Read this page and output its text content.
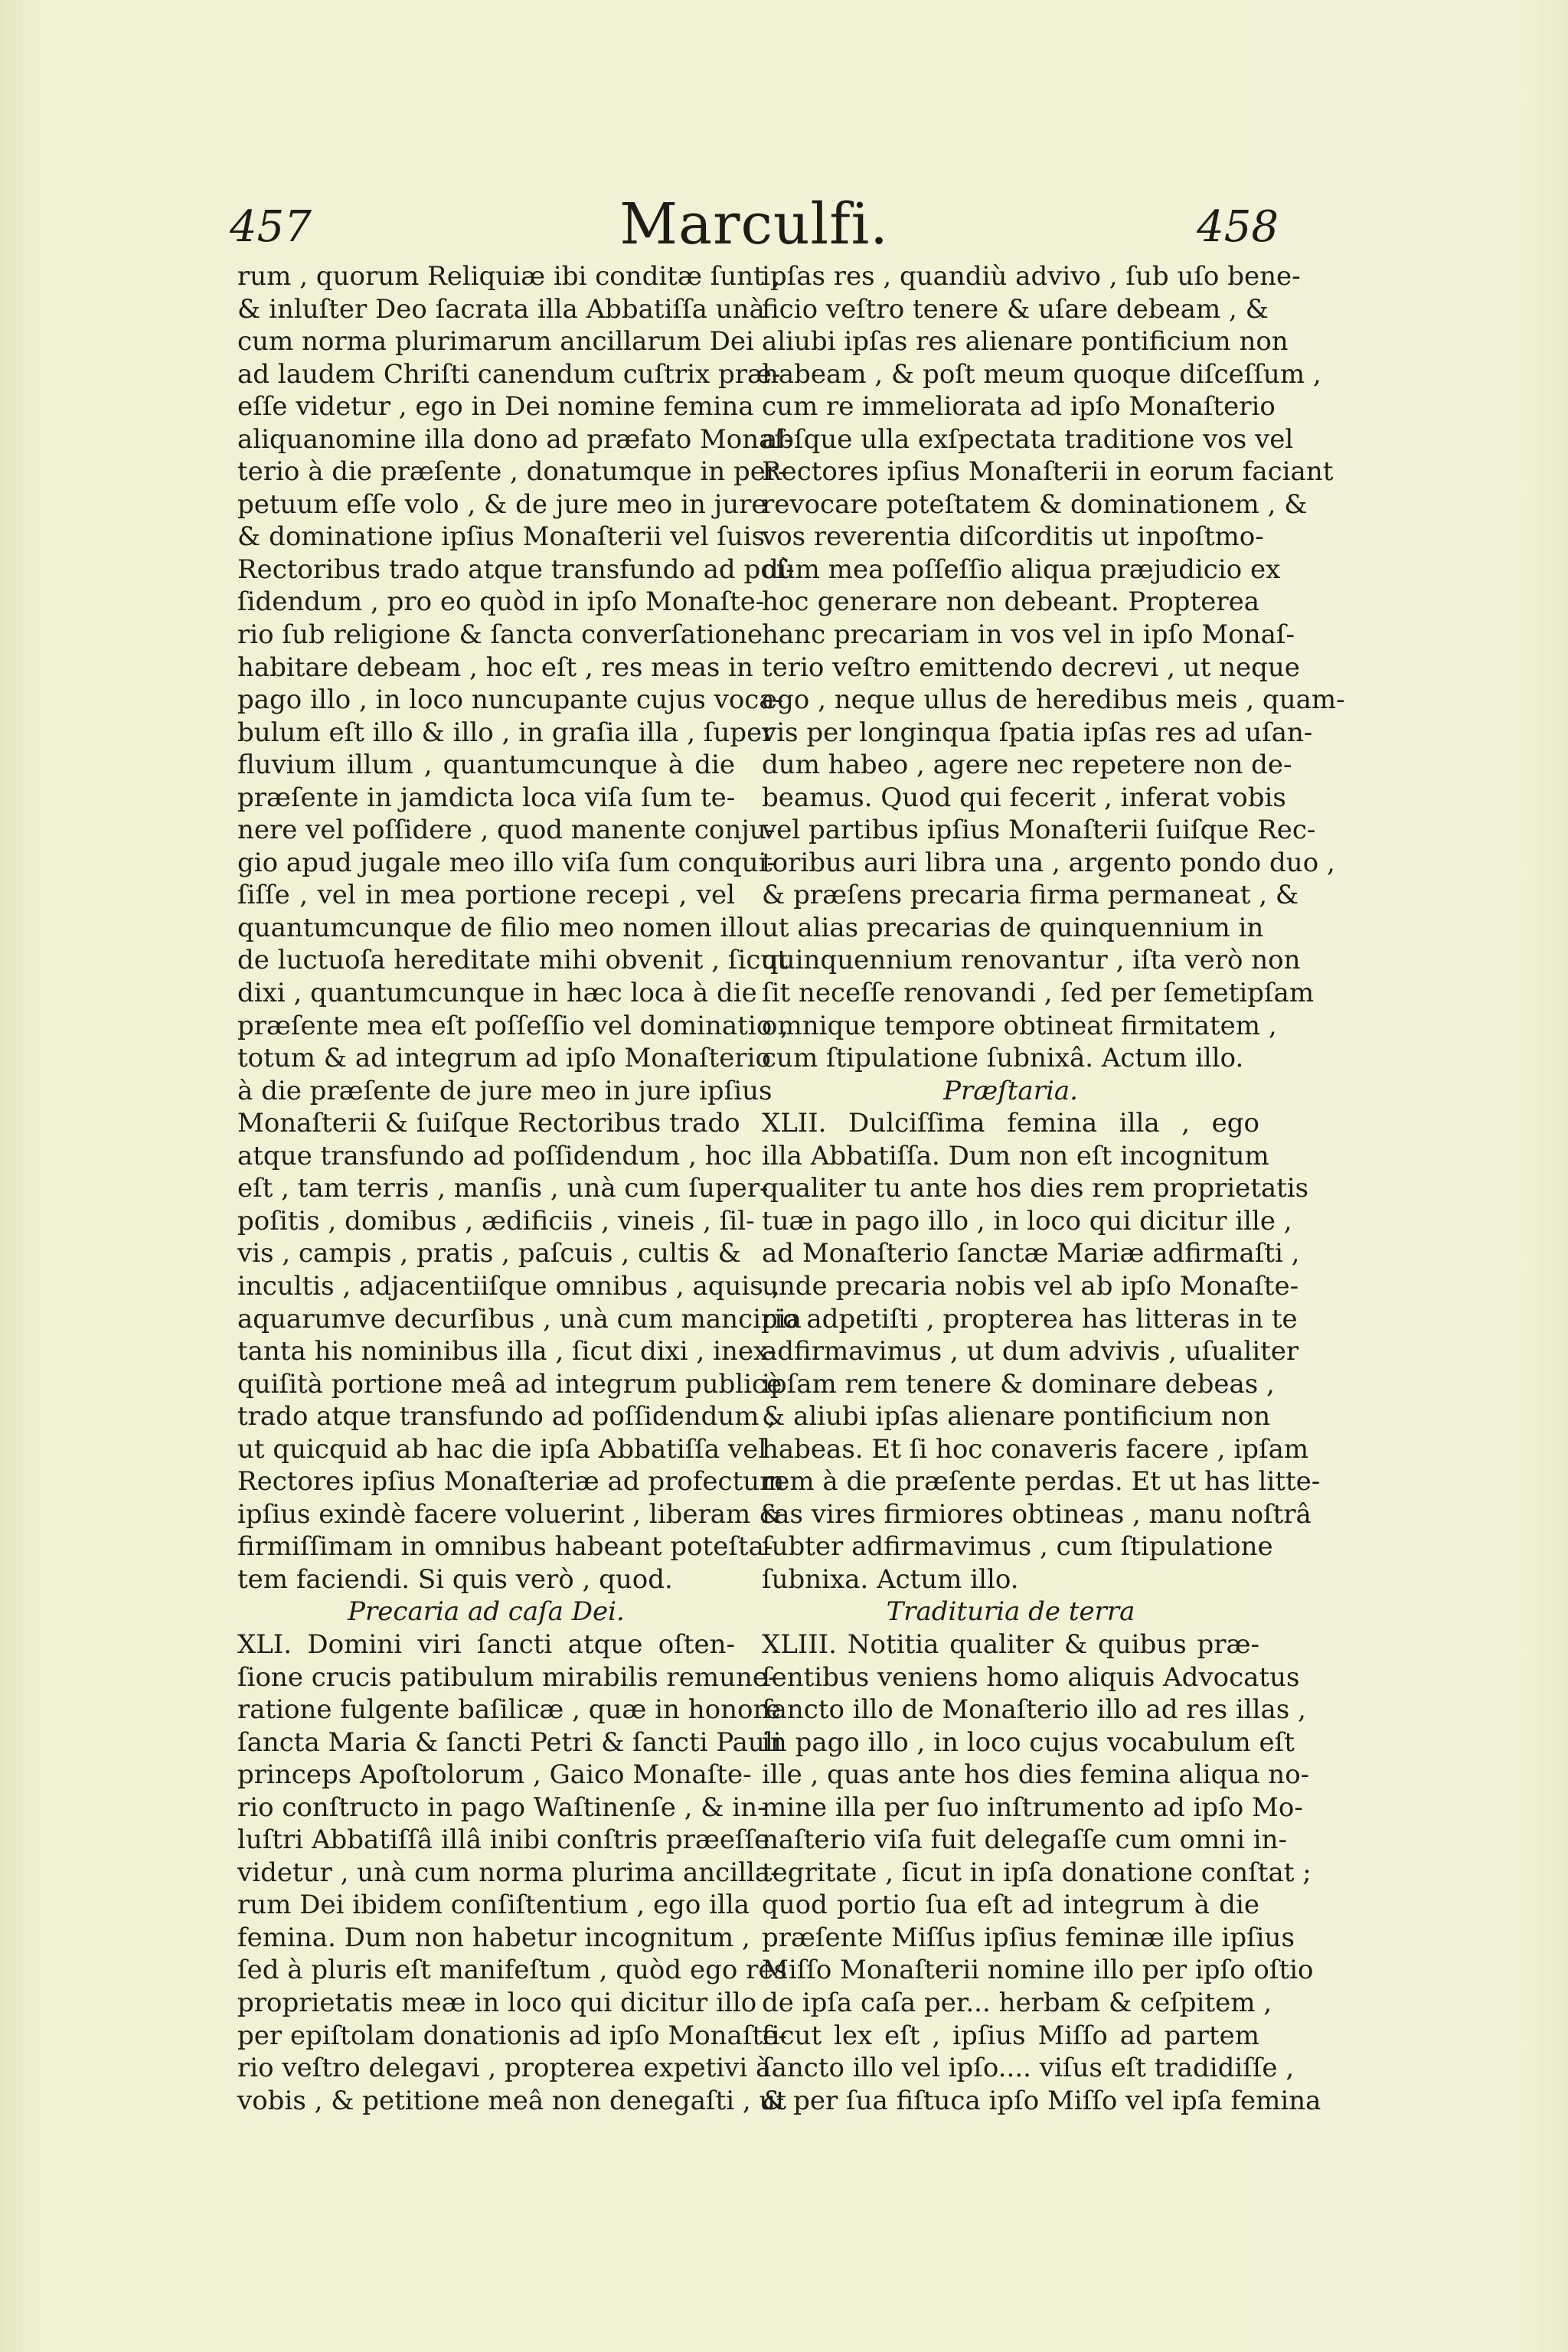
457	Marculfi.	458
rum , quorum Reliquiæ ibi conditæ ſunt ,
& inluſter Deo ſacrata illa Abbatiſſa unà
cum norma plurimarum ancillarum Dei
ad laudem Chriſti canendum cuſtrix præ-
eſſe videtur , ego in Dei nomine femina
aliquanomine illa dono ad præfato Monaſ-
terio à die præſente , donatumque in per-
petuum eſſe volo , & de jure meo in jure
& dominatione ipſius Monaſterii vel ſuis
Rectoribus trado atque transfundo ad poſ-
ſidendum , pro eo quòd in ipſo Monaſte-
rio ſub religione & ſancta converſatione
habitare debeam , hoc eſt , res meas in
pago illo , in loco nuncupante cujus voca-
bulum eſt illo & illo , in graſia illa , ſuper
fluvium illum , quantumcunque à die
præſente in jamdicta loca viſa ſum te-
nere vel poſſidere , quod manente conju-
gio apud jugale meo illo viſa ſum conqui-
ſiſſe , vel in mea portione recepi , vel
quantumcunque de filio meo nomen illo
de luctuoſa hereditate mihi obvenit , ſicut
dixi , quantumcunque in hæc loca à die
præſente mea eſt poſſeſſio vel dominatio ,
totum & ad integrum ad ipſo Monaſterio
à die præſente de jure meo in jure ipſius
Monaſterii & ſuiſque Rectoribus trado
atque transfundo ad poſſidendum , hoc
eſt , tam terris , manſis , unà cum ſuper-
poſitis , domibus , ædificiis , vineis , ſil-
vis , campis , pratis , paſcuis , cultis &
incultis , adjacentiiſque omnibus , aquis ,
aquarumve decurſibus , unà cum mancipia
tanta his nominibus illa , ſicut dixi , inex-
quiſità portione meâ ad integrum publicè
trado atque transfundo ad poſſidendum ;
ut quicquid ab hac die ipſa Abbatiſſa vel
Rectores ipſius Monaſteriæ ad profectum
ipſius exindè facere voluerint , liberam &
firmiſſimam in omnibus habeant poteſta-
tem faciendi. Si quis verò , quod.
Precaria ad caſa Dei.
XLI. Domini viri ſancti atque oſten-
ſione crucis patibulum mirabilis remune-
ratione fulgente baſilicæ , quæ in honore
ſancta Maria & ſancti Petri & ſancti Pauli
princeps Apoſtolorum , Gaico Monaſte-
rio conſtructo in pago Waſtinenſe , & in-
luſtri Abbatiſſâ illâ inibi conſtris præeſſe
videtur , unà cum norma plurima ancilla-
rum Dei ibidem conſiſtentium , ego illa
femina. Dum non habetur incognitum ,
ſed à pluris eſt manifeſtum , quòd ego res
proprietatis meæ in loco qui dicitur illo
per epiſtolam donationis ad ipſo Monaſte-
rio veſtro delegavi , propterea expetivi à
vobis , & petitione meâ non denegaſti , ut
ipſas res , quandiù advivo , ſub uſo bene-
ficio veſtro tenere & uſare debeam , &
aliubi ipſas res alienare pontificium non
habeam , & poſt meum quoque diſceſſum ,
cum re immeliorata ad ipſo Monaſterio
abſque ulla exſpectata traditione vos vel
Rectores ipſius Monaſterii in eorum faciant
revocare poteſtatem & dominationem , &
vos reverentia diſcorditis ut inpoſtmo-
dùm mea poſſeſſio aliqua præjudicio ex
hoc generare non debeant. Propterea
hanc precariam in vos vel in ipſo Monaſ-
terio veſtro emittendo decrevi , ut neque
ego , neque ullus de heredibus meis , quam-
vis per longinqua ſpatia ipſas res ad uſan-
dum habeo , agere nec repetere non de-
beamus. Quod qui fecerit , inferat vobis
vel partibus ipſius Monaſterii ſuiſque Rec-
toribus auri libra una , argento pondo duo ,
& præſens precaria firma permaneat , &
ut alias precarias de quinquennium in
quinquennium renovantur , iſta verò non
ſit neceſſe renovandi , ſed per ſemetipſam
omnique tempore obtineat firmitatem ,
cum ſtipulatione ſubnixâ. Actum illo.
Præſtaria.
XLII. Dulciſſima femina illa , ego
illa Abbatiſſa. Dum non eſt incognitum
qualiter tu ante hos dies rem proprietatis
tuæ in pago illo , in loco qui dicitur ille ,
ad Monaſterio ſanctæ Mariæ adfirmaſti ,
unde precaria nobis vel ab ipſo Monaſte-
rio adpetiſti , propterea has litteras in te
adfirmavimus , ut dum advivis , uſualiter
ipſam rem tenere & dominare debeas ,
& aliubi ipſas alienare pontificium non
habeas. Et ſi hoc conaveris facere , ipſam
rem à die præſente perdas. Et ut has litte-
ras vires firmiores obtineas , manu noſtrâ
ſubter adfirmavimus , cum ſtipulatione
ſubnixa. Actum illo.
Tradituria de terra
XLIII. Notitia qualiter & quibus præ-
ſentibus veniens homo aliquis Advocatus
ſancto illo de Monaſterio illo ad res illas ,
in pago illo , in loco cujus vocabulum eſt
ille , quas ante hos dies femina aliqua no-
mine illa per ſuo inſtrumento ad ipſo Mo-
naſterio viſa fuit delegaſſe cum omni in-
tegritate , ſicut in ipſa donatione conſtat ;
quod portio ſua eſt ad integrum à die
præſente Miſſus ipſius feminæ ille ipſius
Miſſo Monaſterii nomine illo per ipſo oſtio
de ipſa caſa per... herbam & ceſpitem ,
ſicut lex eſt , ipſius Miſſo ad partem
ſancto illo vel ipſo.... viſus eſt tradidiſſe ,
& per ſua fiſtuca ipſo Miſſo vel ipſa femina
